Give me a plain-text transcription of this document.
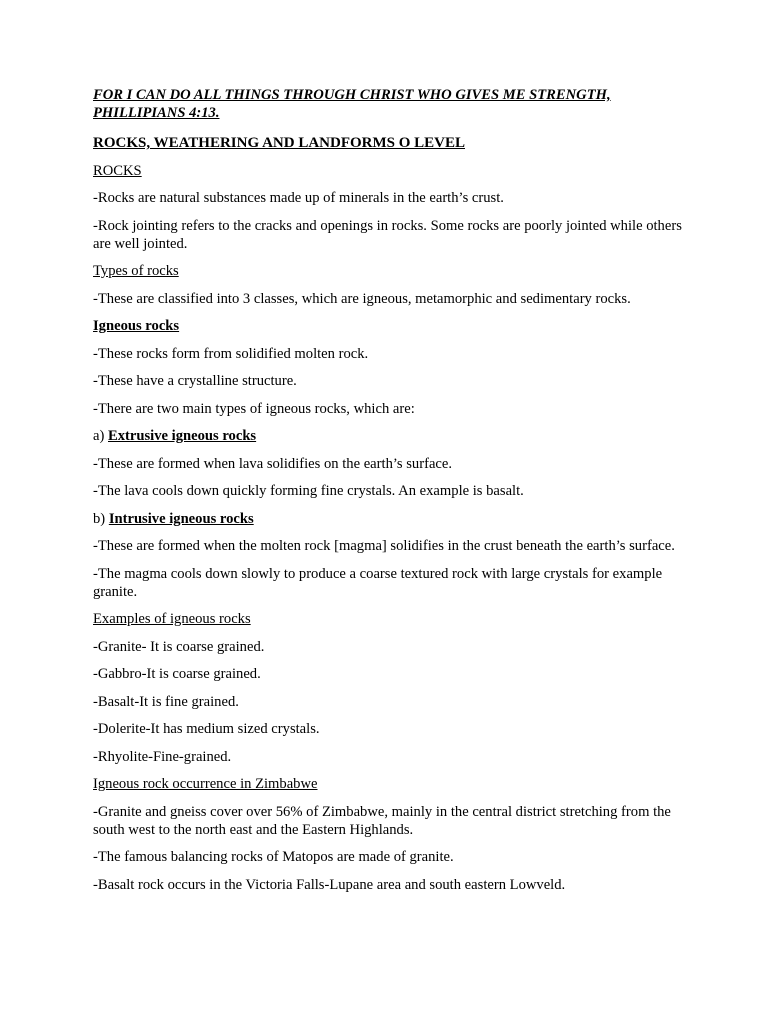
FOR I CAN DO ALL THINGS THROUGH CHRIST WHO GIVES ME STRENGTH,
PHILLIPIANS 4:13.

ROCKS, WEATHERING AND LANDFORMS O LEVEL

ROCKS

-Rocks are natural substances made up of minerals in the earth’s crust.

-Rock jointing refers to the cracks and openings in rocks. Some rocks are poorly jointed while others are well jointed.

Types of rocks

-These are classified into 3 classes, which are igneous, metamorphic and sedimentary rocks.

Igneous rocks

-These rocks form from solidified molten rock.

-These have a crystalline structure.

-There are two main types of igneous rocks, which are:

a) Extrusive igneous rocks

-These are formed when lava solidifies on the earth’s surface.

-The lava cools down quickly forming fine crystals. An example is basalt.

b) Intrusive igneous rocks

-These are formed when the molten rock [magma] solidifies in the crust beneath the earth’s surface.

-The magma cools down slowly to produce a coarse textured rock with large crystals for example granite.

Examples of igneous rocks

-Granite- It is coarse grained.

-Gabbro-It is coarse grained.

-Basalt-It is fine grained.

-Dolerite-It has medium sized crystals.

-Rhyolite-Fine-grained.

Igneous rock occurrence in Zimbabwe

-Granite and gneiss cover over 56% of Zimbabwe, mainly in the central district stretching from the south west to the north east and the Eastern Highlands.

-The famous balancing rocks of Matopos are made of granite.

-Basalt rock occurs in the Victoria Falls-Lupane area and south eastern Lowveld.
